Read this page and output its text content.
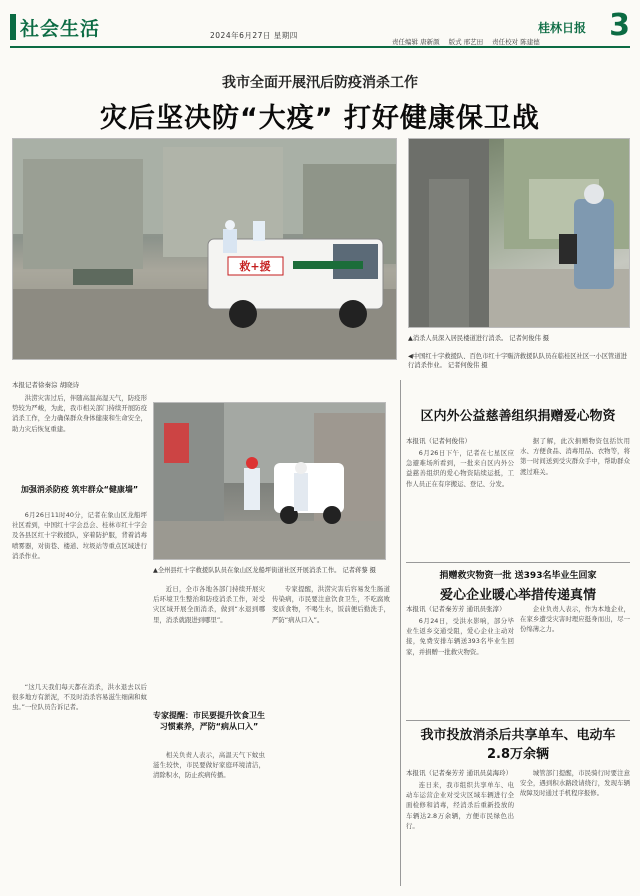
社会生活	2024年6月27日 星期四
桂林日报 3
责任编辑 唐新颜 版式 邢艺田 责任校对 陈建德
我市全面开展汛后防疫消杀工作
灾后坚决防“大疫” 打好健康保卫战
救+援
▲消杀人员深入居民楼道进行消杀。 记者何俊伟 摄
◀中国红十字救援队、百色市红十字赈济救援队队员在临桂区社区一小区管道进行消杀作业。 记者何俊伟 摄
▲全州县红十字救援队队员在象山区龙船坪街道社区开展消杀工作。 记者蒋黎 摄
本报记者徐秦淙 胡晓诗
洪涝灾害过后，伴随高温高湿天气，防疫形势较为严峻，为此，我市相关部门持续开展防疫消杀工作，全力确保群众身体健康和生命安全，助力灾后恢复重建。
加强消杀防疫 筑牢群众“健康墙”
6月26日11时40分，记者在象山区龙船坪社区看到，中国红十字会总会、桂林市红十字会及各县区红十字救援队，穿着防护服，背着消毒喷雾器，对街巷、楼道、垃圾站等重点区域进行消杀作业。
“这几天我们每天都在消杀，洪水退去以后很多地方有淤泥，不及时消杀容易滋生细菌和蚊虫。”一位队员告诉记者。
近日，全市各地各部门持续开展灾后环境卫生整治和防疫消杀工作，对受灾区域开展全面消杀，做到“水退到哪里，消杀就跟进到哪里”。
专家提醒：市民要提升饮食卫生习惯素养，严防“病从口入”
相关负责人表示，高温天气下蚊虫滋生较快，市民要做好家庭环境清洁，清除积水，防止疾病传播。
专家提醒，洪涝灾害后容易发生肠道传染病，市民要注意饮食卫生，不吃腐败变质食物，不喝生水，饭前便后勤洗手，严防“病从口入”。
区内外公益慈善组织捐赠爱心物资
本报讯（记者何俊伟）
6月26日下午，记者在七星区应急避难场所看到，一批来自区内外公益慈善组织的爱心物资陆续运抵，工作人员正在有序搬运、登记、分发。
据了解，此次捐赠物资包括饮用水、方便食品、消毒用品、衣物等，将第一时间送到受灾群众手中，帮助群众渡过难关。
捐赠救灾物资一批 送393名毕业生回家
爱心企业暖心举措传递真情
本报讯（记者秦芳芳 通讯员张淳）
6月24日，受洪水影响，部分毕业生返乡交通受阻，爱心企业主动对接，免费安排车辆送393名毕业生回家，并捐赠一批救灾物资。
企业负责人表示，作为本地企业，在家乡遭受灾害时理应挺身而出，尽一份绵薄之力。
我市投放消杀后共享单车、电动车2.8万余辆
本报讯（记者秦芳芳 通讯员莫海玲）
连日来，我市组织共享单车、电动车运营企业对受灾区域车辆进行全面检修和消毒，经消杀后重新投放的车辆达2.8万余辆，方便市民绿色出行。
城管部门提醒，市民骑行时要注意安全，遇到积水路段请绕行，发现车辆故障及时通过手机程序报修。
